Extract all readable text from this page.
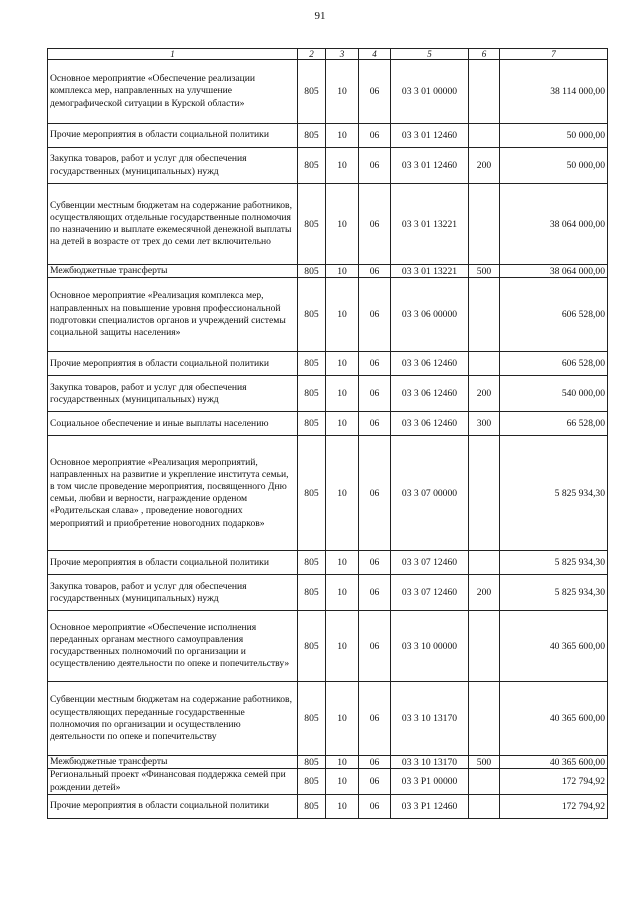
91
1	2	3	4	5	6	7
Основное мероприятие «Обеспечение реализации комплекса мер, направленных на улучшение демографической ситуации в Курской области»	805	10	06	03 3 01 00000		38 114 000,00
Прочие мероприятия в области социальной политики	805	10	06	03 3 01 12460		50 000,00
Закупка товаров, работ и услуг для обеспечения государственных (муниципальных) нужд	805	10	06	03 3 01 12460	200	50 000,00
Субвенции местным бюджетам на содержание работников, осуществляющих отдельные государственные полномочия по назначению и выплате ежемесячной денежной выплаты на детей в возрасте от трех до семи лет включительно	805	10	06	03 3 01 13221		38 064 000,00
Межбюджетные трансферты	805	10	06	03 3 01 13221	500	38 064 000,00
Основное мероприятие «Реализация комплекса мер, направленных на повышение уровня профессиональной подготовки специалистов органов и учреждений системы социальной защиты населения»	805	10	06	03 3 06 00000		606 528,00
Прочие мероприятия в области социальной политики	805	10	06	03 3 06 12460		606 528,00
Закупка товаров, работ и услуг для обеспечения государственных (муниципальных) нужд	805	10	06	03 3 06 12460	200	540 000,00
Социальное обеспечение и иные выплаты населению	805	10	06	03 3 06 12460	300	66 528,00
Основное мероприятие «Реализация мероприятий, направленных на развитие и укрепление института семьи, в том числе проведение мероприятия, посвященного Дню семьи, любви и верности, награждение орденом «Родительская слава» , проведение новогодних мероприятий и приобретение новогодних подарков»	805	10	06	03 3 07 00000		5 825 934,30
Прочие мероприятия в области социальной политики	805	10	06	03 3 07 12460		5 825 934,30
Закупка товаров, работ и услуг для обеспечения государственных (муниципальных) нужд	805	10	06	03 3 07 12460	200	5 825 934,30
Основное мероприятие «Обеспечение исполнения переданных органам местного самоуправления государственных полномочий по организации и осуществлению деятельности по опеке и попечительству»	805	10	06	03 3 10 00000		40 365 600,00
Субвенции местным бюджетам на содержание работников, осуществляющих переданные государственные полномочия по организации и осуществлению деятельности по опеке и попечительству	805	10	06	03 3 10 13170		40 365 600,00
Межбюджетные трансферты	805	10	06	03 3 10 13170	500	40 365 600,00
Региональный проект «Финансовая поддержка семей при рождении детей»	805	10	06	03 3 P1 00000		172 794,92
Прочие мероприятия в области социальной политики	805	10	06	03 3 P1 12460		172 794,92
